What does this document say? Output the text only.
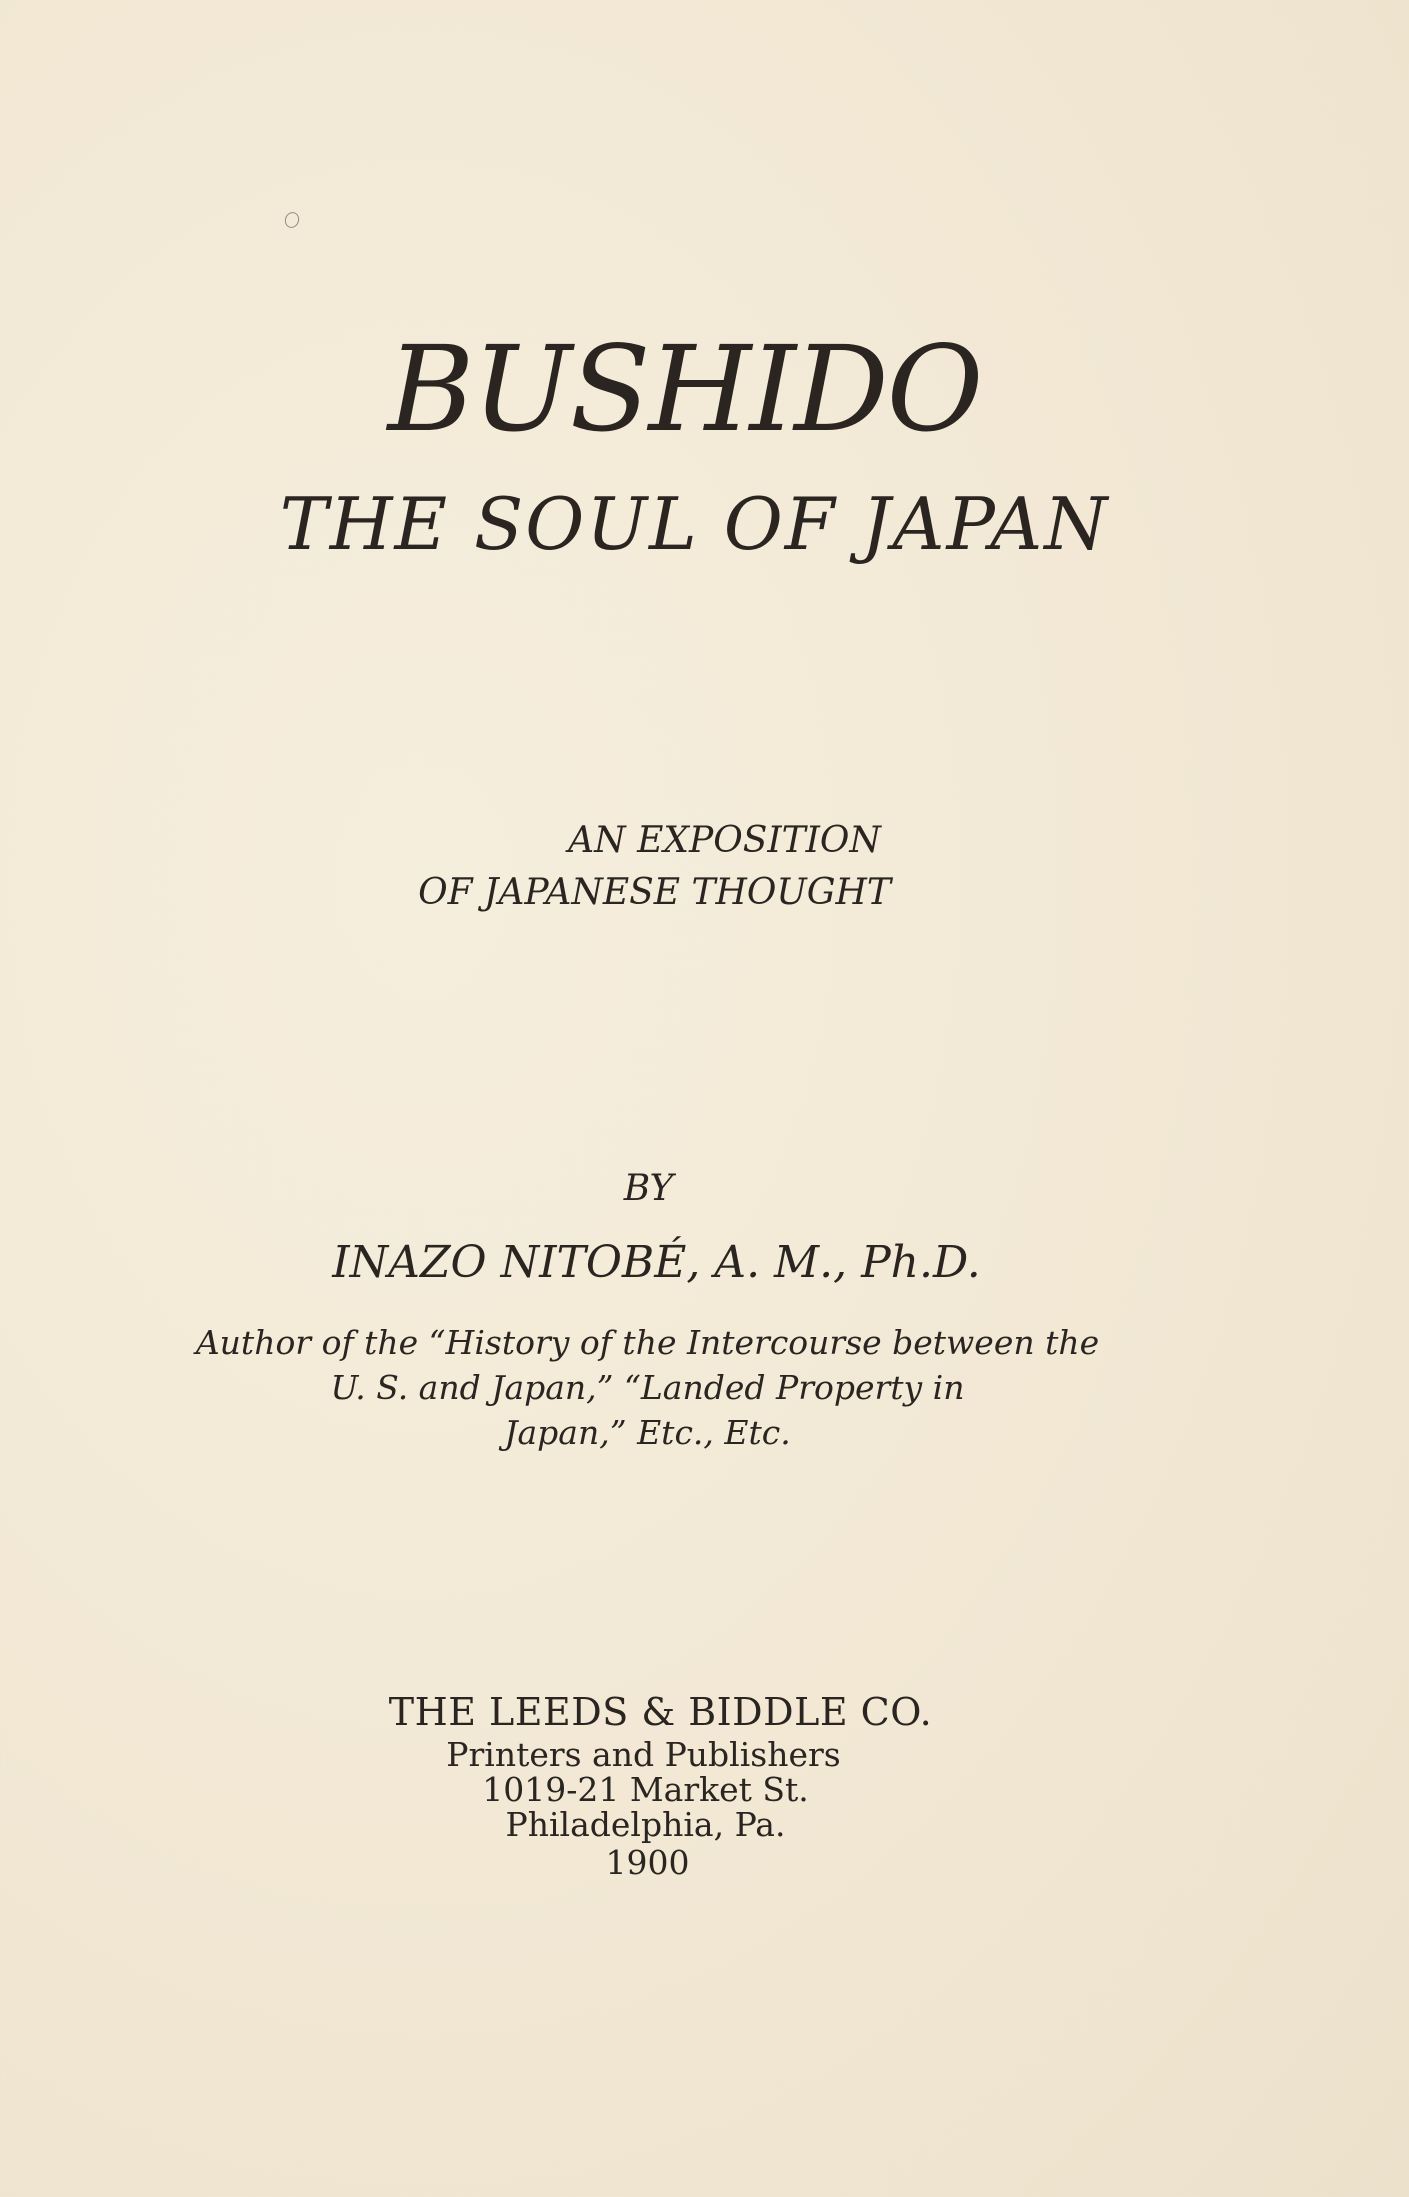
BUSHIDO
THE SOUL OF JAPAN
AN EXPOSITION
OF JAPANESE THOUGHT
BY
INAZO NITOBÉ, A. M., Ph.D.
Author of the “History of the Intercourse between the
U. S. and Japan,” “Landed Property in
Japan,” Etc., Etc.
THE LEEDS & BIDDLE CO.
Printers and Publishers
1019-21 Market St.
Philadelphia, Pa.
1900
